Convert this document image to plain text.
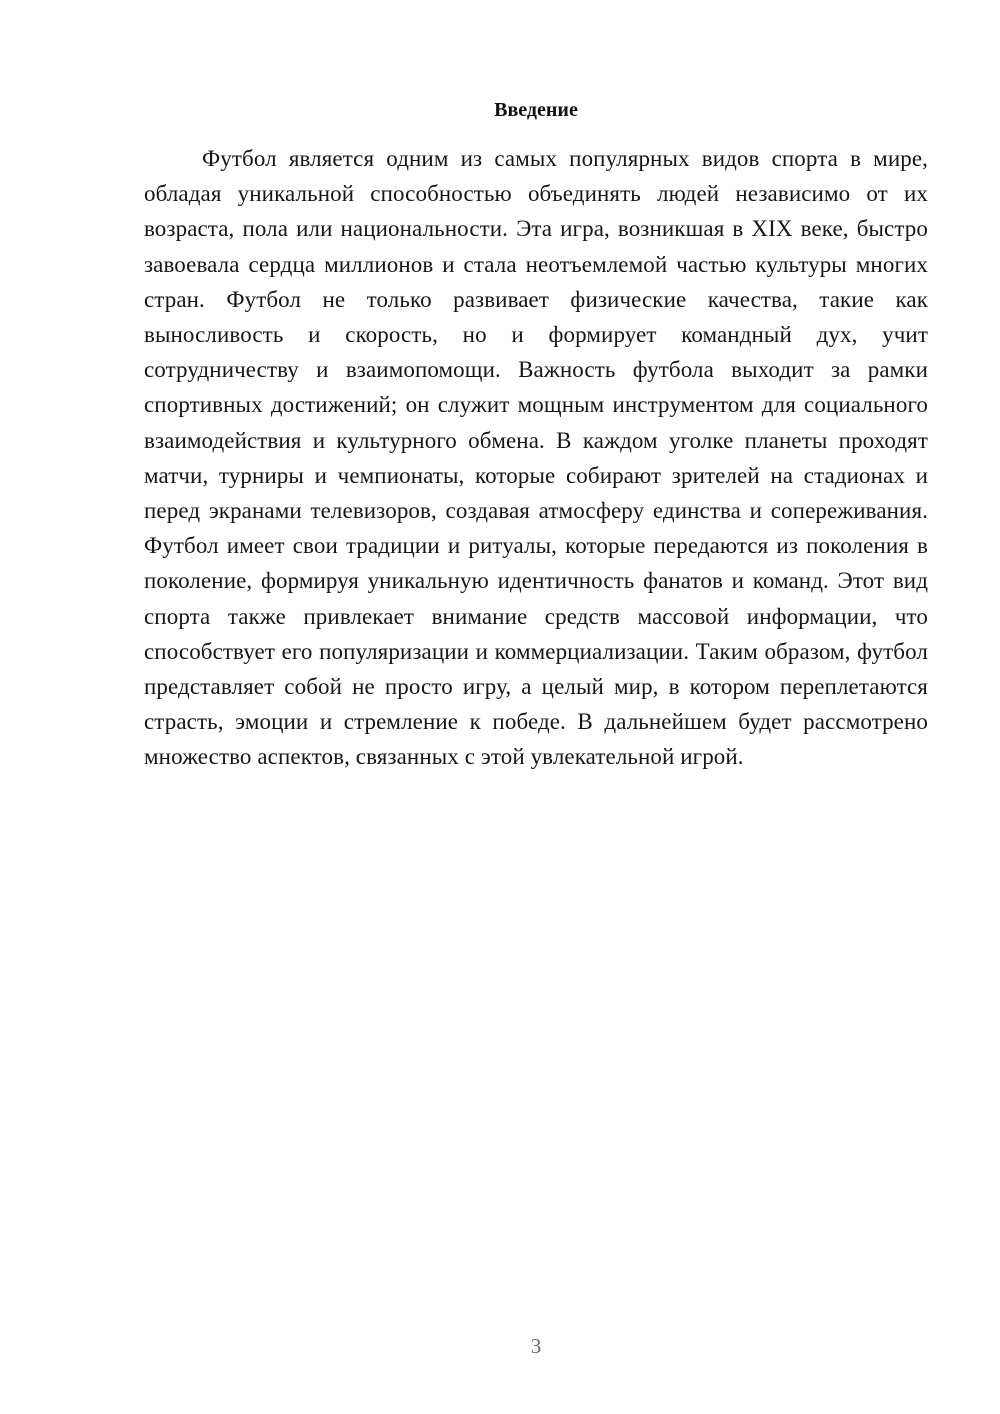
Введение

Футбол является одним из самых популярных видов спорта в мире, обладая уникальной способностью объединять людей независимо от их возраста, пола или национальности. Эта игра, возникшая в XIX веке, быстро завоевала сердца миллионов и стала неотъемлемой частью культуры многих стран. Футбол не только развивает физические качества, такие как выносливость и скорость, но и формирует командный дух, учит сотрудничеству и взаимопомощи. Важность футбола выходит за рамки спортивных достижений; он служит мощным инструментом для социального взаимодействия и культурного обмена. В каждом уголке планеты проходят матчи, турниры и чемпионаты, которые собирают зрителей на стадионах и перед экранами телевизоров, создавая атмосферу единства и сопереживания. Футбол имеет свои традиции и ритуалы, которые передаются из поколения в поколение, формируя уникальную идентичность фанатов и команд. Этот вид спорта также привлекает внимание средств массовой информации, что способствует его популяризации и коммерциализации. Таким образом, футбол представляет собой не просто игру, а целый мир, в котором переплетаются страсть, эмоции и стремление к победе. В дальнейшем будет рассмотрено множество аспектов, связанных с этой увлекательной игрой.

3
